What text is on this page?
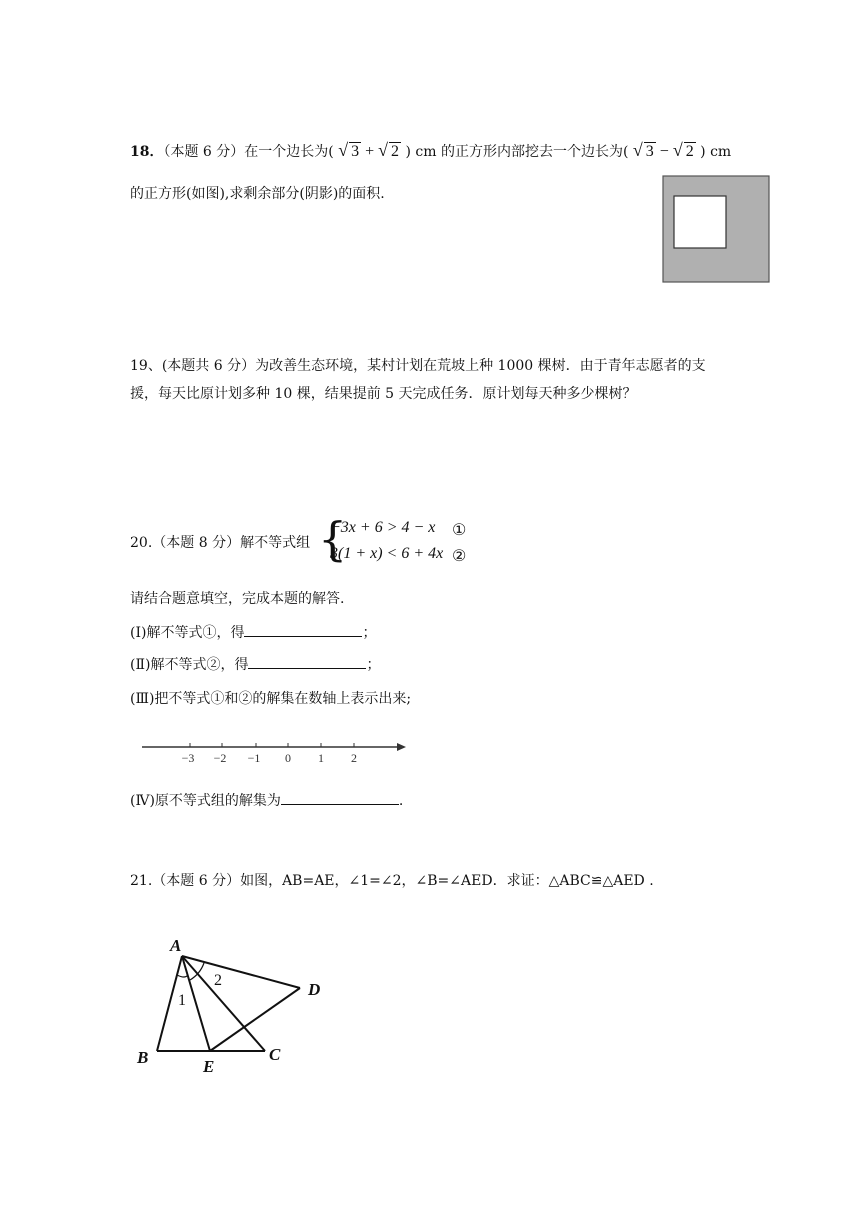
18．（本题 6 分）在一个边长为( √ 3 + √ 2 ) cm 的正方形内部挖去一个边长为( √ 3 − √ 2 ) cm
的正方形(如图),求剩余部分(阴影)的面积.
19、(本题共 6 分）为改善生态环境，某村计划在荒坡上种 1000 棵树．由于青年志愿者的支
援，每天比原计划多种 10 棵，结果提前 5 天完成任务．原计划每天种多少棵树？
20.（本题 8 分）解不等式组 {
−3x + 6 > 4 − x ①
3(1 + x) < 6 + 4x ②
请结合题意填空，完成本题的解答.
(Ⅰ)解不等式①，得	；
(Ⅱ)解不等式②，得	；
(Ⅲ)把不等式①和②的解集在数轴上表示出来;
−3 −2 −1 0 1 2
(Ⅳ)原不等式组的解集为	.
21.（本题 6 分）如图，AB=AE，∠1=∠2，∠B=∠AED．求证：△ABC≌△AED .
A
B	C
D
E
1
2
